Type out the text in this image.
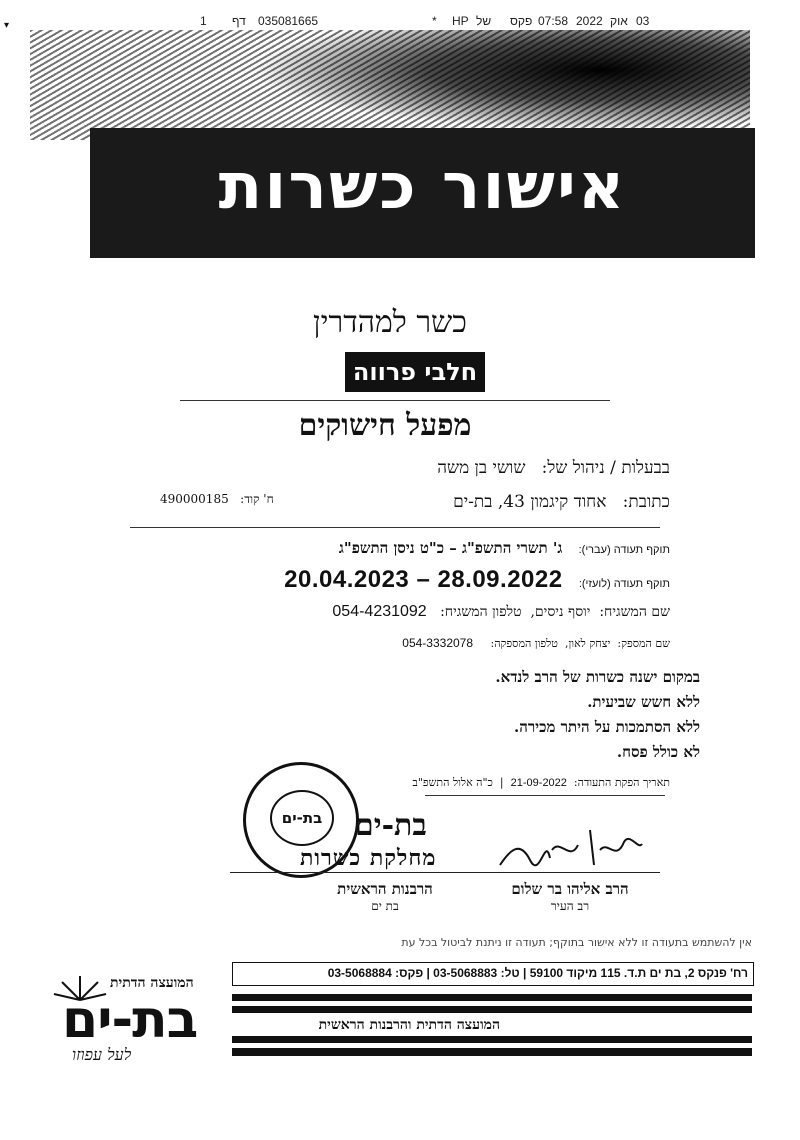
1 דף 035081665	* HP של פקס 07:58 2022 אוק 03
▾
אישור כשרות
כשר למהדרין
חלבי פרווה
מפעל חישוקים
בבעלות / ניהול של:   שושי בן משה
כתובת:   אחוד קיגמון 43, בת-ים
ח' קוד:   490000185
תוקף תעודה (עברי):   ג' תשרי התשפ"ג – כ"ט ניסן התשפ"ג
תוקף תעודה (לועזי):   20.04.2023 – 28.09.2022
שם המשגיח:  יוסף ניסים,  טלפון המשגיח:   054-4231092
שם המספק:  יצחק לאון,  טלפון המספקה:     054-3332078
במקום ישנה כשרות של הרב לנדא.
ללא חשש שביעית.
ללא הסתמכות על היתר מכירה.
לא כולל פסח.
תאריך הפקת התעודה:  21-09-2022  |  כ"ה אלול התשפ"ב
בת-ים	בת-ים
מחלקת כשרות
הרב אליהו בר שלום
רב העיר
הרבנות הראשית
בת ים
אין להשתמש בתעודה זו ללא אישור בתוקף; תעודה זו ניתנת לביטול בכל עת
רח' פנקס 2, בת ים ת.ד. 115 מיקוד 59100 | טל: 03-5068883 | פקס: 03-5068884
המועצה הדתית והרבנות הראשית
המועצה הדתית
בת-ים
לעל עפוזו
